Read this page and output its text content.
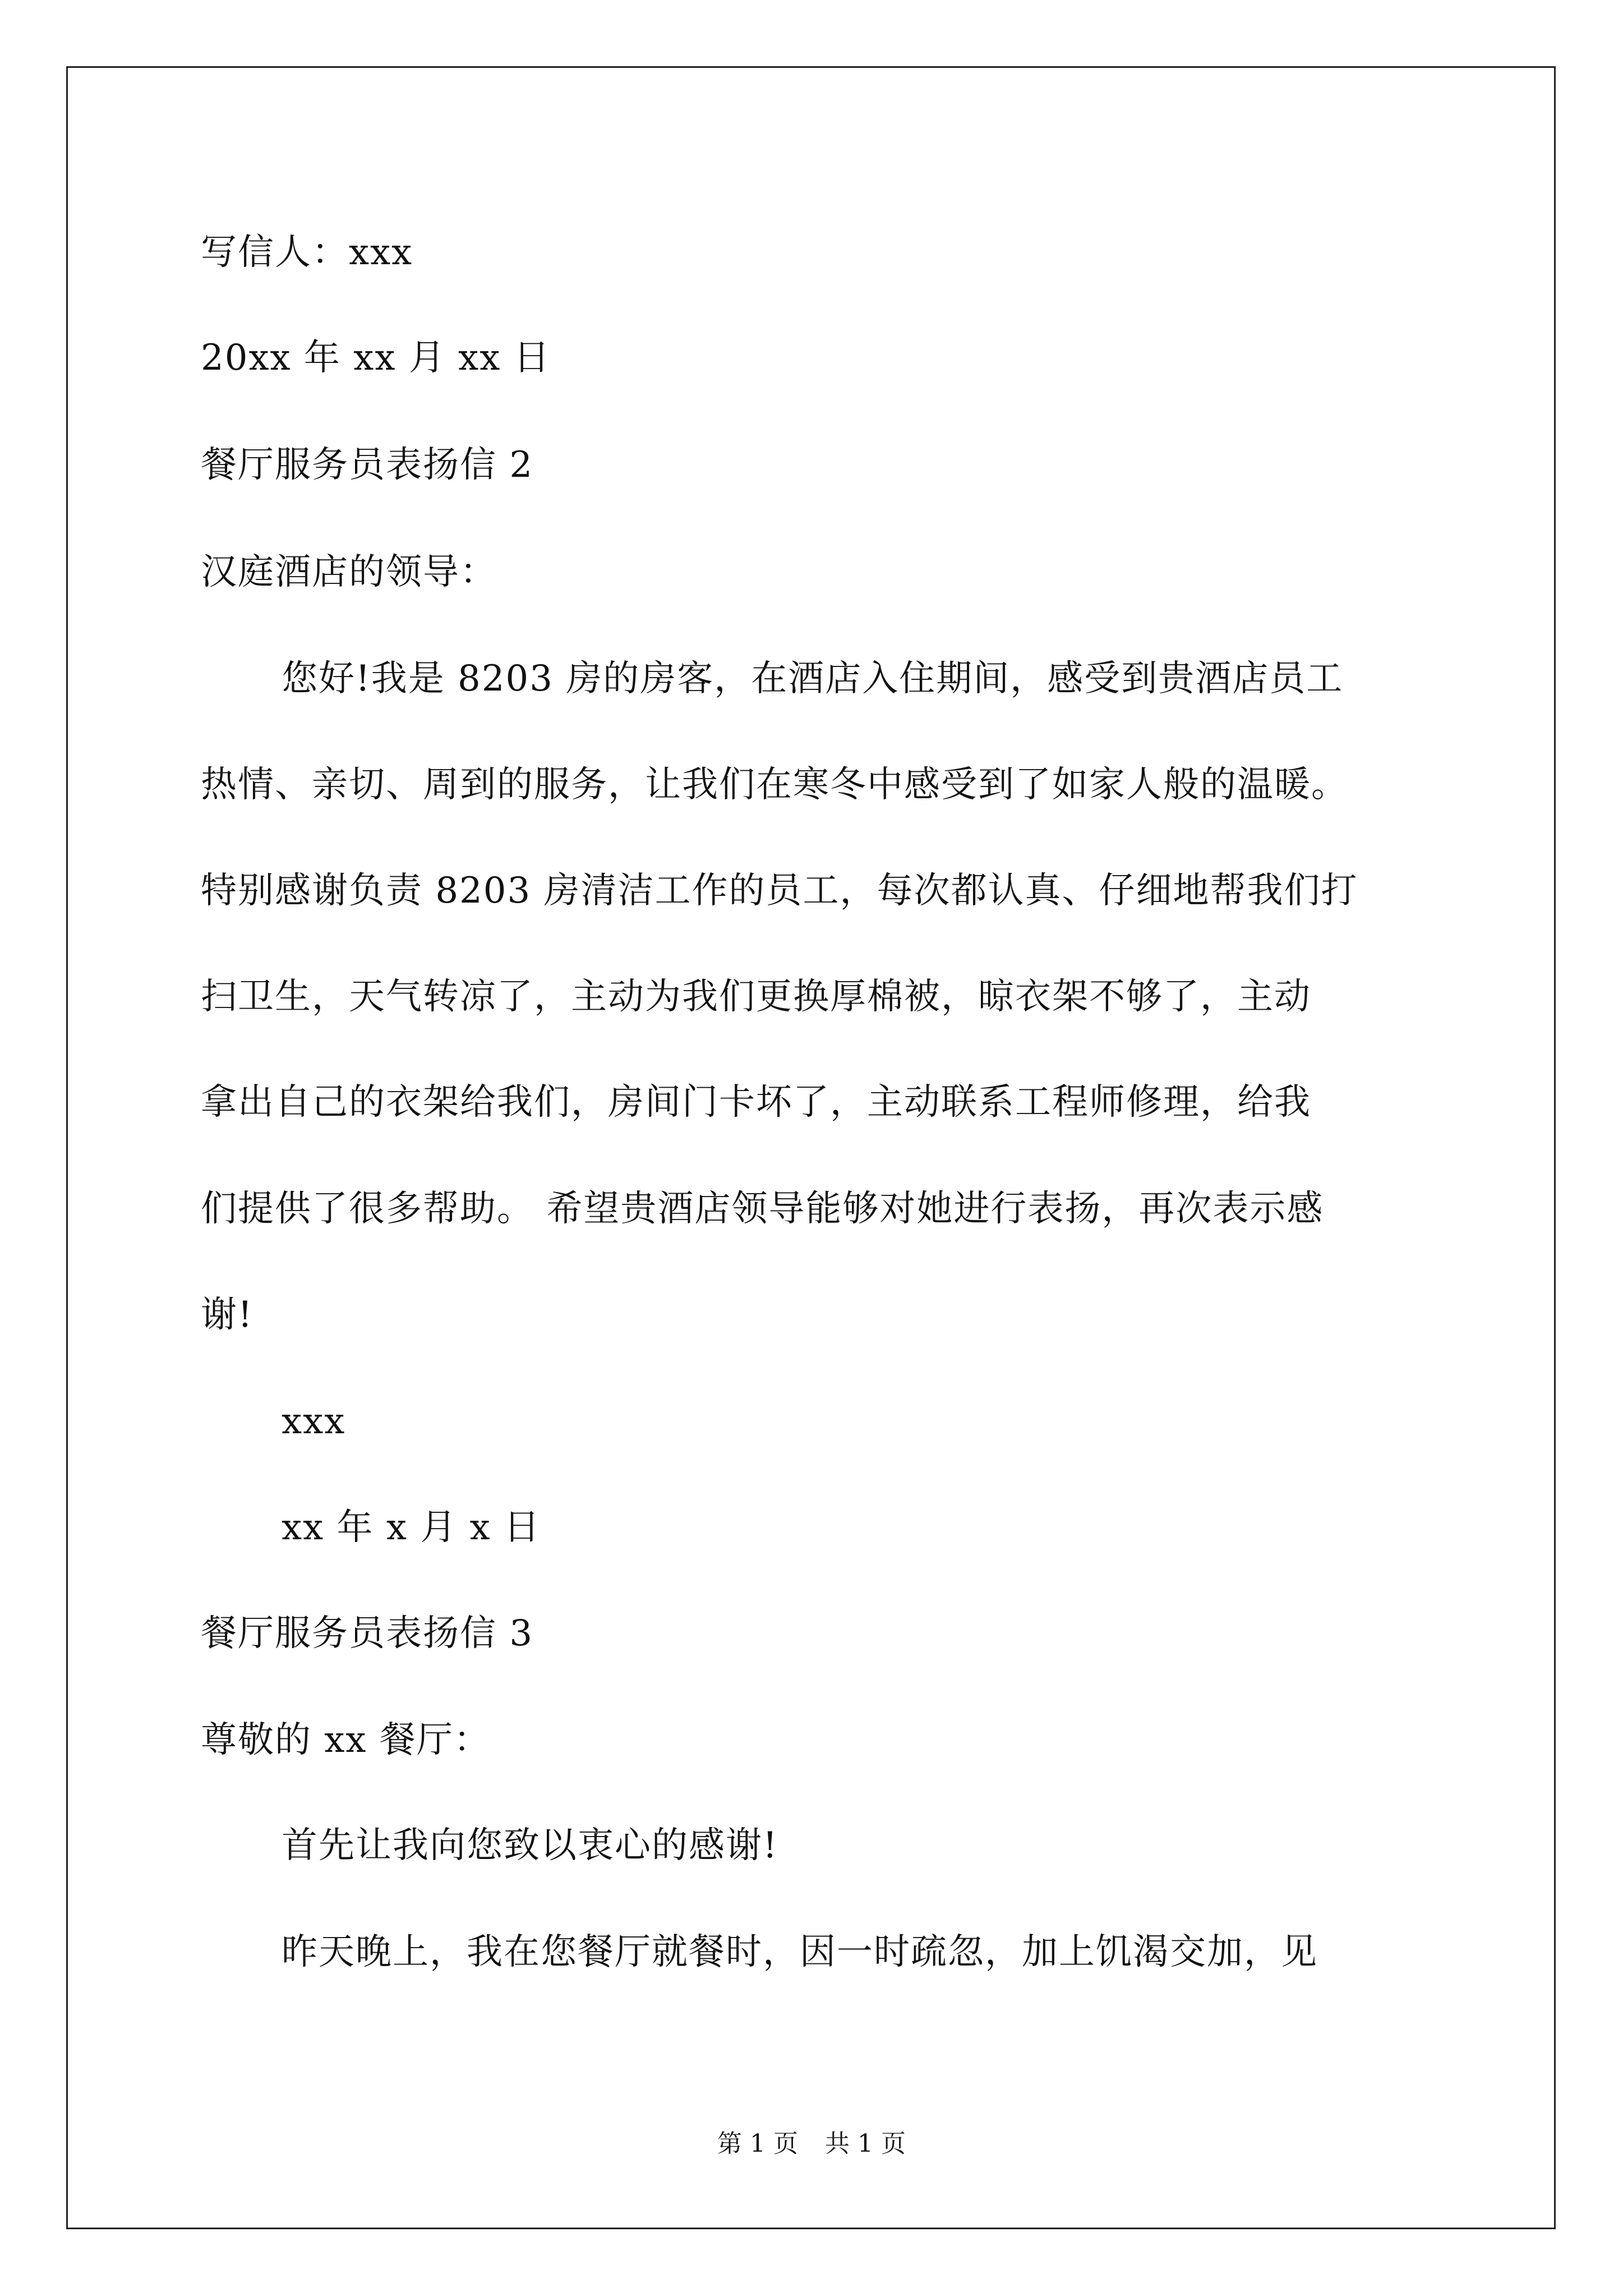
写信人：xxx
20xx 年 xx 月 xx 日
餐厅服务员表扬信 2
汉庭酒店的领导：
您好!我是 8203 房的房客，在酒店入住期间，感受到贵酒店员工
热情、亲切、周到的服务，让我们在寒冬中感受到了如家人般的温暖。
特别感谢负责 8203 房清洁工作的员工，每次都认真、仔细地帮我们打
扫卫生，天气转凉了，主动为我们更换厚棉被，晾衣架不够了，主动
拿出自己的衣架给我们，房间门卡坏了，主动联系工程师修理，给我
们提供了很多帮助。 希望贵酒店领导能够对她进行表扬，再次表示感
谢!
xxx
xx 年 x 月 x 日
餐厅服务员表扬信 3
尊敬的 xx 餐厅：
首先让我向您致以衷心的感谢!
昨天晚上，我在您餐厅就餐时，因一时疏忽，加上饥渴交加，见
第 1 页 共 1 页
